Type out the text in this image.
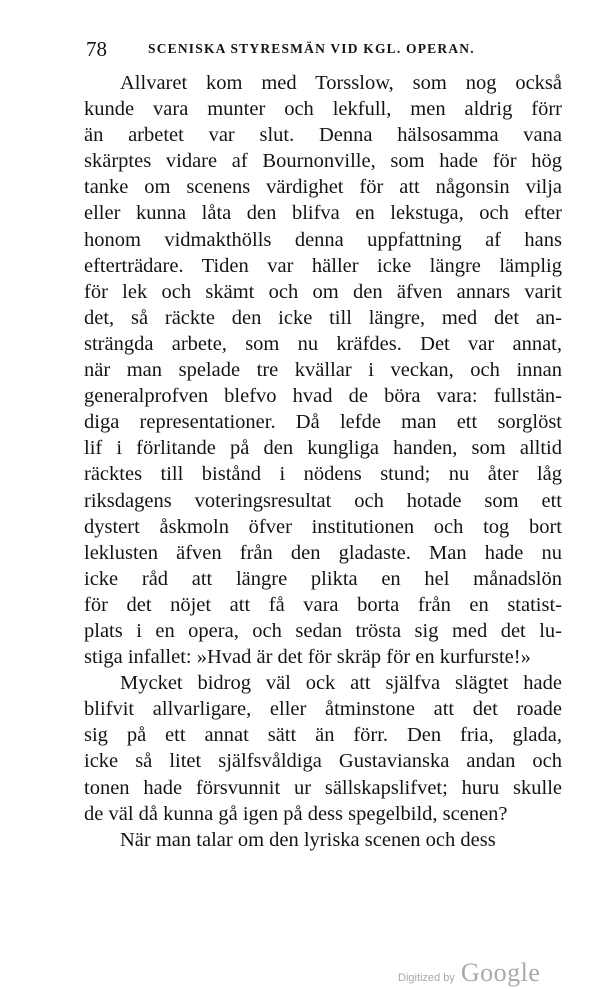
78	SCENISKA STYRESMÄN VID KGL. OPERAN.
Allvaret kom med Torsslow, som nog också
kunde vara munter och lekfull, men aldrig förr
än arbetet var slut. Denna hälsosamma vana
skärptes vidare af Bournonville, som hade för hög
tanke om scenens värdighet för att någonsin vilja
eller kunna låta den blifva en lekstuga, och efter
honom vidmakthölls denna uppfattning af hans
efterträdare. Tiden var häller icke längre lämplig
för lek och skämt och om den äfven annars varit
det, så räckte den icke till längre, med det an-
strängda arbete, som nu kräfdes. Det var annat,
när man spelade tre kvällar i veckan, och innan
generalprofven blefvo hvad de böra vara: fullstän-
diga representationer. Då lefde man ett sorglöst
lif i förlitande på den kungliga handen, som alltid
räcktes till bistånd i nödens stund; nu åter låg
riksdagens voteringsresultat och hotade som ett
dystert åskmoln öfver institutionen och tog bort
leklusten äfven från den gladaste. Man hade nu
icke råd att längre plikta en hel månadslön
för det nöjet att få vara borta från en statist-
plats i en opera, och sedan trösta sig med det lu-
stiga infallet: »Hvad är det för skräp för en kurfurste!»
Mycket bidrog väl ock att själfva slägtet hade
blifvit allvarligare, eller åtminstone att det roade
sig på ett annat sätt än förr. Den fria, glada,
icke så litet själfsvåldiga Gustavianska andan och
tonen hade försvunnit ur sällskapslifvet; huru skulle
de väl då kunna gå igen på dess spegelbild, scenen?
När man talar om den lyriska scenen och dess
Digitized by Google
